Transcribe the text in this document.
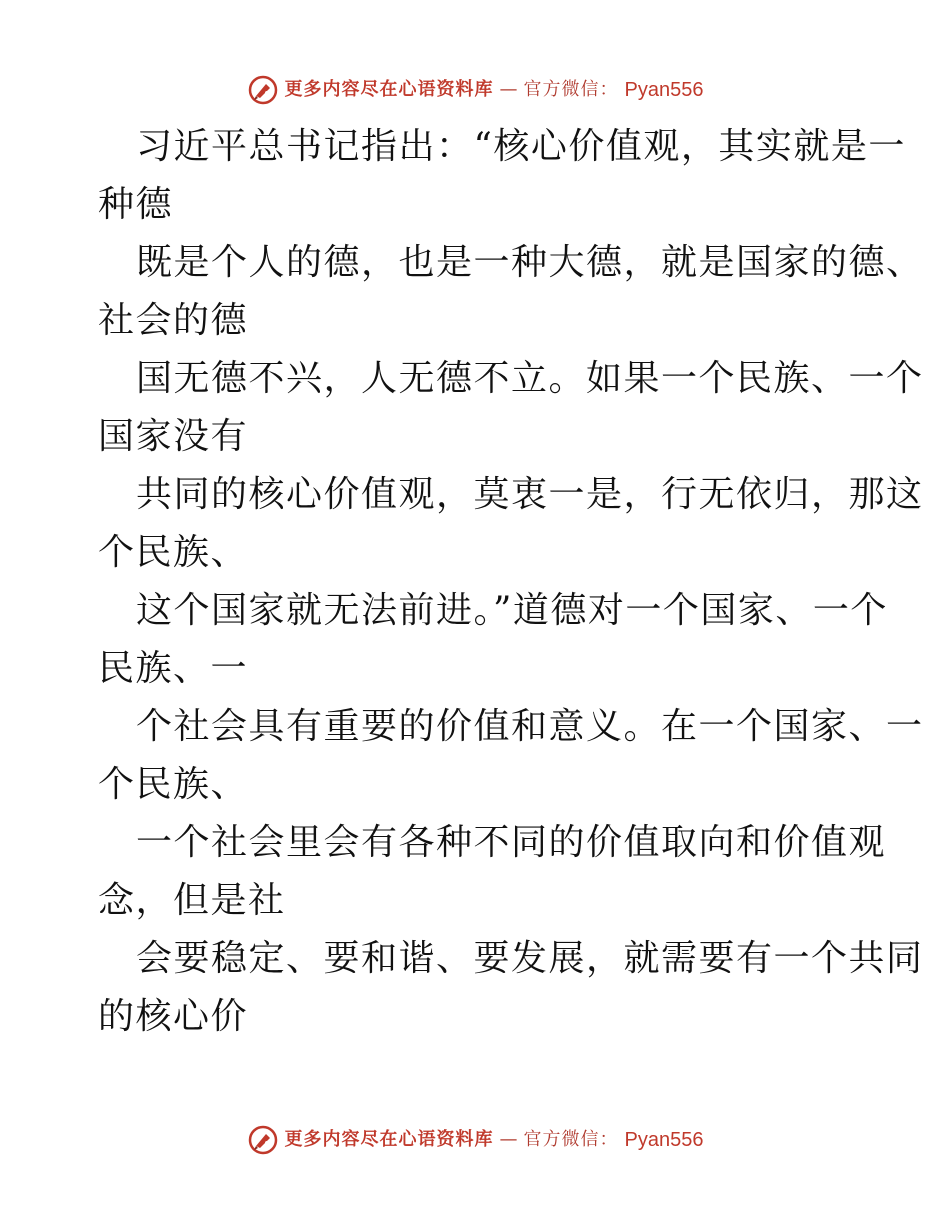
更多内容尽在心语资料库 — 官方微信： Pyan556
习近平总书记指出：“核心价值观，其实就是一
种德
既是个人的德，也是一种大德，就是国家的德、
社会的德
国无德不兴，人无德不立。如果一个民族、一个
国家没有
共同的核心价值观，莫衷一是，行无依归，那这
个民族、
这个国家就无法前进。”道德对一个国家、一个
民族、一
个社会具有重要的价值和意义。在一个国家、一
个民族、
一个社会里会有各种不同的价值取向和价值观
念，但是社
会要稳定、要和谐、要发展，就需要有一个共同
的核心价
更多内容尽在心语资料库 — 官方微信： Pyan556
